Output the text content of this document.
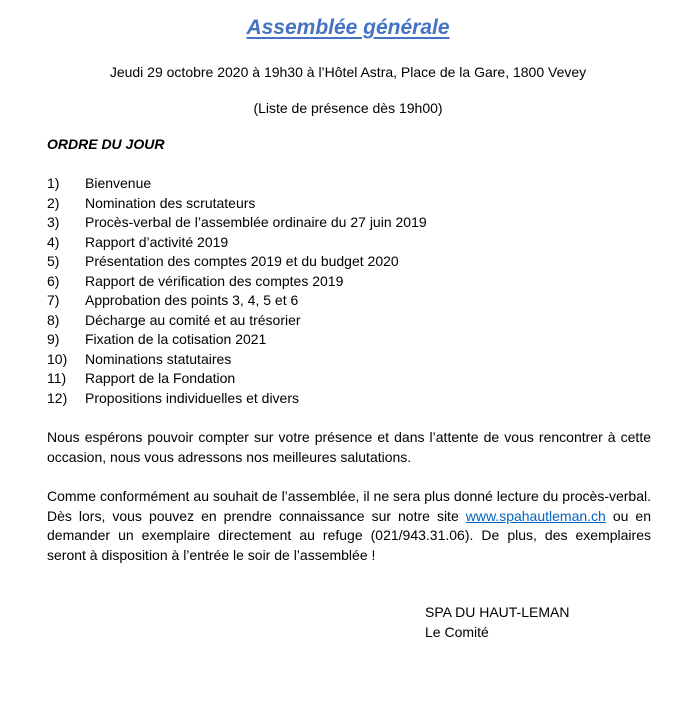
Assemblée générale
Jeudi 29 octobre 2020 à 19h30 à l’Hôtel Astra, Place de la Gare, 1800 Vevey
(Liste de présence dès 19h00)
ORDRE DU JOUR
1) Bienvenue
2) Nomination des scrutateurs
3) Procès-verbal de l’assemblée ordinaire du 27 juin 2019
4) Rapport d’activité 2019
5) Présentation des comptes 2019 et du budget 2020
6) Rapport de vérification des comptes 2019
7) Approbation des points 3, 4, 5 et 6
8) Décharge au comité et au trésorier
9) Fixation de la cotisation 2021
10) Nominations statutaires
11) Rapport de la Fondation
12) Propositions individuelles et divers
Nous espérons pouvoir compter sur votre présence et dans l’attente de vous rencontrer à cette occasion, nous vous adressons nos meilleures salutations.
Comme conformément au souhait de l’assemblée, il ne sera plus donné lecture du procès-verbal. Dès lors, vous pouvez en prendre connaissance sur notre site www.spahautleman.ch ou en demander un exemplaire directement au refuge (021/943.31.06). De plus, des exemplaires seront à disposition à l’entrée le soir de l’assemblée !
SPA DU HAUT-LEMAN
Le Comité
